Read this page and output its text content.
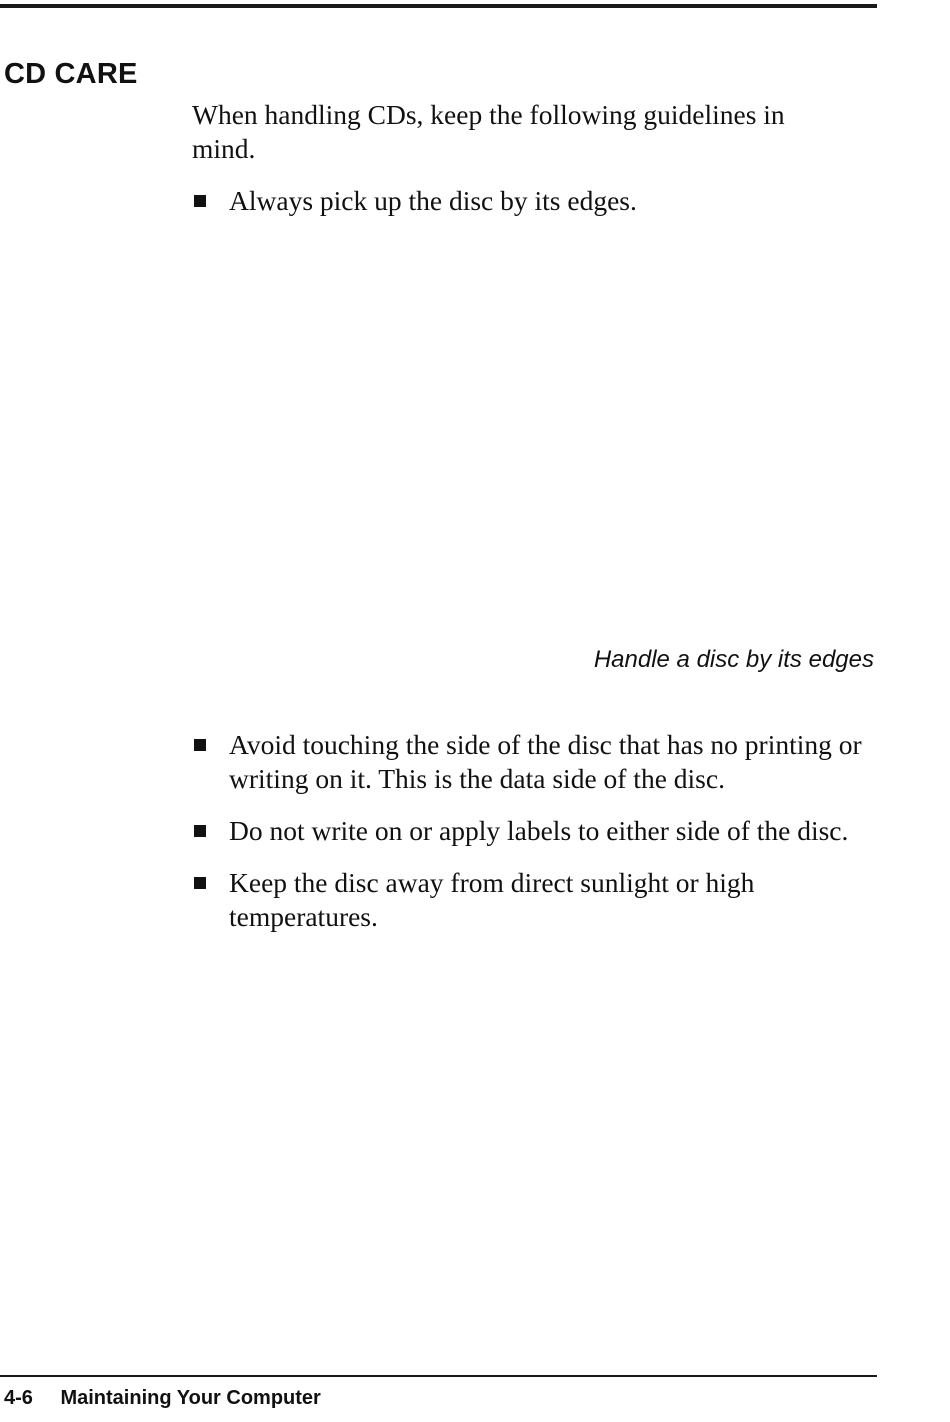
CD CARE

When handling CDs, keep the following guidelines in mind.

Always pick up the disc by its edges.

Handle a disc by its edges

Avoid touching the side of the disc that has no printing or writing on it. This is the data side of the disc.
Do not write on or apply labels to either side of the disc.
Keep the disc away from direct sunlight or high temperatures.
4-6 Maintaining Your Computer
